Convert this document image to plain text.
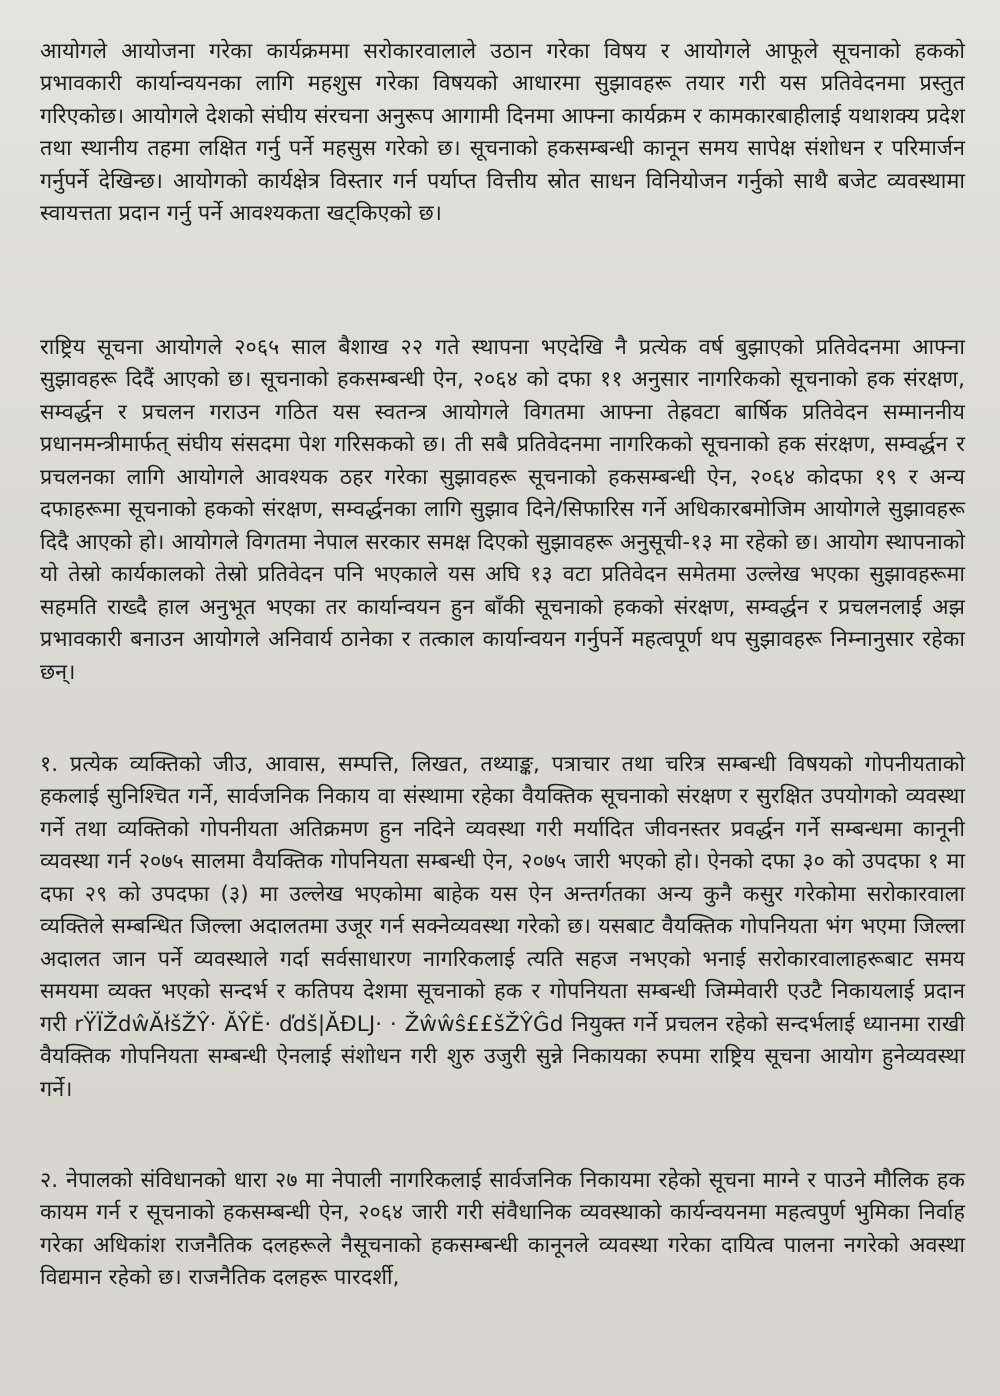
आयोगले आयोजना गरेका कार्यक्रममा सरोकारवालाले उठान गरेका विषय र आयोगले आफूले सूचनाको हकको प्रभावकारी कार्यान्वयनका लागि महशुस गरेका विषयको आधारमा सुझावहरू तयार गरी यस प्रतिवेदनमा प्रस्तुत गरिएकोछ। आयोगले देशको संघीय संरचना अनुरूप आगामी दिनमा आफ्ना कार्यक्रम र कामकारबाहीलाई यथाशक्य प्रदेश तथा स्थानीय तहमा लक्षित गर्नु पर्ने महसुस गरेको छ। सूचनाको हकसम्बन्धी कानून समय सापेक्ष संशोधन र परिमार्जन गर्नुपर्ने देखिन्छ। आयोगको कार्यक्षेत्र विस्तार गर्न पर्याप्त वित्तीय स्रोत साधन विनियोजन गर्नुको साथै बजेट व्यवस्थामा स्वायत्तता प्रदान गर्नु पर्ने आवश्यकता खट्किएको छ।

राष्ट्रिय सूचना आयोगले २०६५ साल बैशाख २२ गते स्थापना भएदेखि नै प्रत्येक वर्ष बुझाएको प्रतिवेदनमा आफ्ना सुझावहरू दिदैं आएको छ। सूचनाको हकसम्बन्धी ऐन, २०६४ को दफा ११ अनुसार नागरिकको सूचनाको हक संरक्षण, सम्वर्द्धन र प्रचलन गराउन गठित यस स्वतन्त्र आयोगले विगतमा आफ्ना तेह्रवटा बार्षिक प्रतिवेदन सम्माननीय प्रधानमन्त्रीमार्फत् संघीय संसदमा पेश गरिसकको छ। ती सबै प्रतिवेदनमा नागरिकको सूचनाको हक संरक्षण, सम्वर्द्धन र प्रचलनका लागि आयोगले आवश्यक ठहर गरेका सुझावहरू सूचनाको हकसम्बन्धी ऐन, २०६४ कोदफा १९ र अन्य दफाहरूमा सूचनाको हकको संरक्षण, सम्वर्द्धनका लागि सुझाव दिने/सिफारिस गर्ने अधिकारबमोजिम आयोगले सुझावहरू दिदै आएको हो। आयोगले विगतमा नेपाल सरकार समक्ष दिएको सुझावहरू अनुसूची-१३ मा रहेको छ। आयोग स्थापनाको यो तेस्रो कार्यकालको तेस्रो प्रतिवेदन पनि भएकाले यस अघि १३ वटा प्रतिवेदन समेतमा उल्लेख भएका सुझावहरूमा सहमति राख्दै हाल अनुभूत भएका तर कार्यान्वयन हुन बाँकी सूचनाको हकको संरक्षण, सम्वर्द्धन र प्रचलनलाई अझ प्रभावकारी बनाउन आयोगले अनिवार्य ठानेका र तत्काल कार्यान्वयन गर्नुपर्ने महत्वपूर्ण थप सुझावहरू निम्नानुसार रहेका छन्।

१. प्रत्येक व्यक्तिको जीउ, आवास, सम्पत्ति, लिखत, तथ्याङ्क, पत्राचार तथा चरित्र सम्बन्धी विषयको गोपनीयताको हकलाई सुनिश्चित गर्ने, सार्वजनिक निकाय वा संस्थामा रहेका वैयक्तिक सूचनाको संरक्षण र सुरक्षित उपयोगको व्यवस्था गर्ने तथा व्यक्तिको गोपनीयता अतिक्रमण हुन नदिने व्यवस्था गरी मर्यादित जीवनस्तर प्रवर्द्धन गर्ने सम्बन्धमा कानूनी व्यवस्था गर्न २०७५ सालमा वैयक्तिक गोपनियता सम्बन्धी ऐन, २०७५ जारी भएको हो। ऐनको दफा ३० को उपदफा १ मा दफा २९ को उपदफा (३) मा उल्लेख भएकोमा बाहेक यस ऐन अन्तर्गतका अन्य कुनै कसुर गरेकोमा सरोकारवाला व्यक्तिले सम्बन्धित जिल्ला अदालतमा उजूर गर्न सक्नेव्यवस्था गरेको छ। यसबाट वैयक्तिक गोपनियता भंग भएमा जिल्ला अदालत जान पर्ने व्यवस्थाले गर्दा सर्वसाधारण नागरिकलाई त्यति सहज नभएको भनाई सरोकारवालाहरूबाट समय समयमा व्यक्त भएको सन्दर्भ र कतिपय देशमा सूचनाको हक र गोपनियता सम्बन्धी जिम्मेवारी एउटै निकायलाई प्रदान गरी rŸÏŽdŵĂłšŽŶ· ĂŶĚ· ďdš|ĂĐLJ· · Žŵŵŝ££šŽŶĜd नियुक्त गर्ने प्रचलन रहेको सन्दर्भलाई ध्यानमा राखी वैयक्तिक गोपनियता सम्बन्धी ऐनलाई संशोधन गरी शुरु उजुरी सुन्ने निकायका रुपमा राष्ट्रिय सूचना आयोग हुनेव्यवस्था गर्ने।

२. नेपालको संविधानको धारा २७ मा नेपाली नागरिकलाई सार्वजनिक निकायमा रहेको सूचना माग्ने र पाउने मौलिक हक कायम गर्न र सूचनाको हकसम्बन्धी ऐन, २०६४ जारी गरी संवैधानिक व्यवस्थाको कार्यन्वयनमा महत्वपुर्ण भुमिका निर्वाह गरेका अधिकांश राजनैतिक दलहरूले नैसूचनाको हकसम्बन्धी कानूनले व्यवस्था गरेका दायित्व पालना नगरेको अवस्था विद्यमान रहेको छ। राजनैतिक दलहरू पारदर्शी,
